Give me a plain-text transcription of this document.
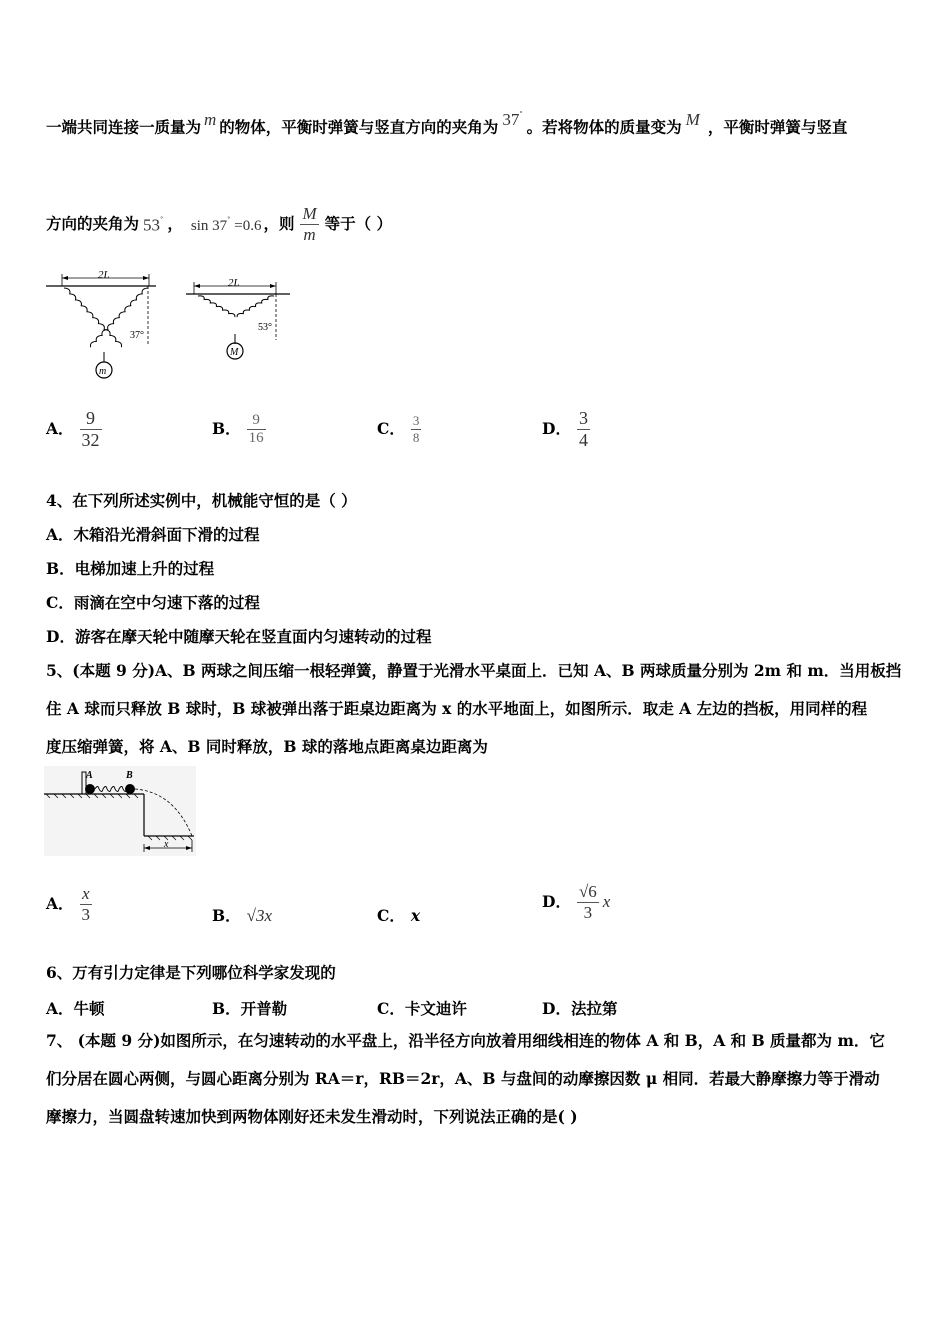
一端共同连接一质量为 m 的物体，平衡时弹簧与竖直方向的夹角为 37˚。若将物体的质量变为 M ，平衡时弹簧与竖直
方向的夹角为 53˚ ， sin 37˚ =0.6 ，则 $\frac{M}{m}$ 等于（ ）
2L
37°
m
2L
53°
M
A． $\frac{9}{32}$	B． $\frac{9}{16}$	C． $\frac{3}{8}$	D． $\frac{3}{4}$
4、在下列所述实例中，机械能守恒的是（ ）
A．木箱沿光滑斜面下滑的过程
B．电梯加速上升的过程
C．雨滴在空中匀速下落的过程
D．游客在摩天轮中随摩天轮在竖直面内匀速转动的过程
5、(本题 9 分)A、B 两球之间压缩一根轻弹簧，静置于光滑水平桌面上．已知 A、B 两球质量分别为 2m 和 m．当用板挡
住 A 球而只释放 B 球时，B 球被弹出落于距桌边距离为 x 的水平地面上，如图所示．取走 A 左边的挡板，用同样的程
度压缩弹簧，将 A、B 同时释放，B 球的落地点距离桌边距离为
A	B
x
A． $\frac{x}{3}$	B． √3x	C． x
D． $\frac{√6}{3}$ x
6、万有引力定律是下列哪位科学家发现的
A．牛顿	B．开普勒	C．卡文迪许	D．法拉第
7、 (本题 9 分)如图所示，在匀速转动的水平盘上，沿半径方向放着用细线相连的物体 A 和 B，A 和 B 质量都为 m．它
们分居在圆心两侧，与圆心距离分别为 RA＝r，RB＝2r，A、B 与盘间的动摩擦因数 μ 相同．若最大静摩擦力等于滑动
摩擦力，当圆盘转速加快到两物体刚好还未发生滑动时，下列说法正确的是( )
